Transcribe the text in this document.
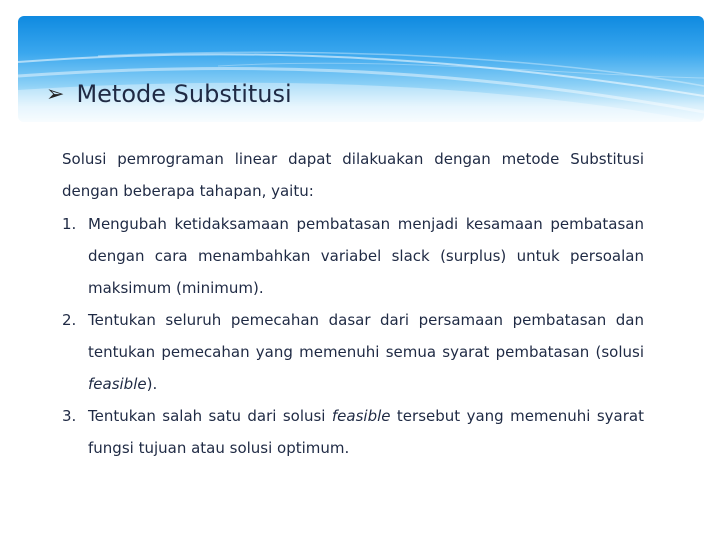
➢ Metode Substitusi

Solusi pemrograman linear dapat dilakuakan dengan metode Substitusi dengan beberapa tahapan, yaitu:

1. Mengubah ketidaksamaan pembatasan menjadi kesamaan pembatasan dengan cara menambahkan variabel slack (surplus) untuk persoalan maksimum (minimum).
2. Tentukan seluruh pemecahan dasar dari persamaan pembatasan dan tentukan pemecahan yang memenuhi semua syarat pembatasan (solusi feasible).
3. Tentukan salah satu dari solusi feasible tersebut yang memenuhi syarat fungsi tujuan atau solusi optimum.
